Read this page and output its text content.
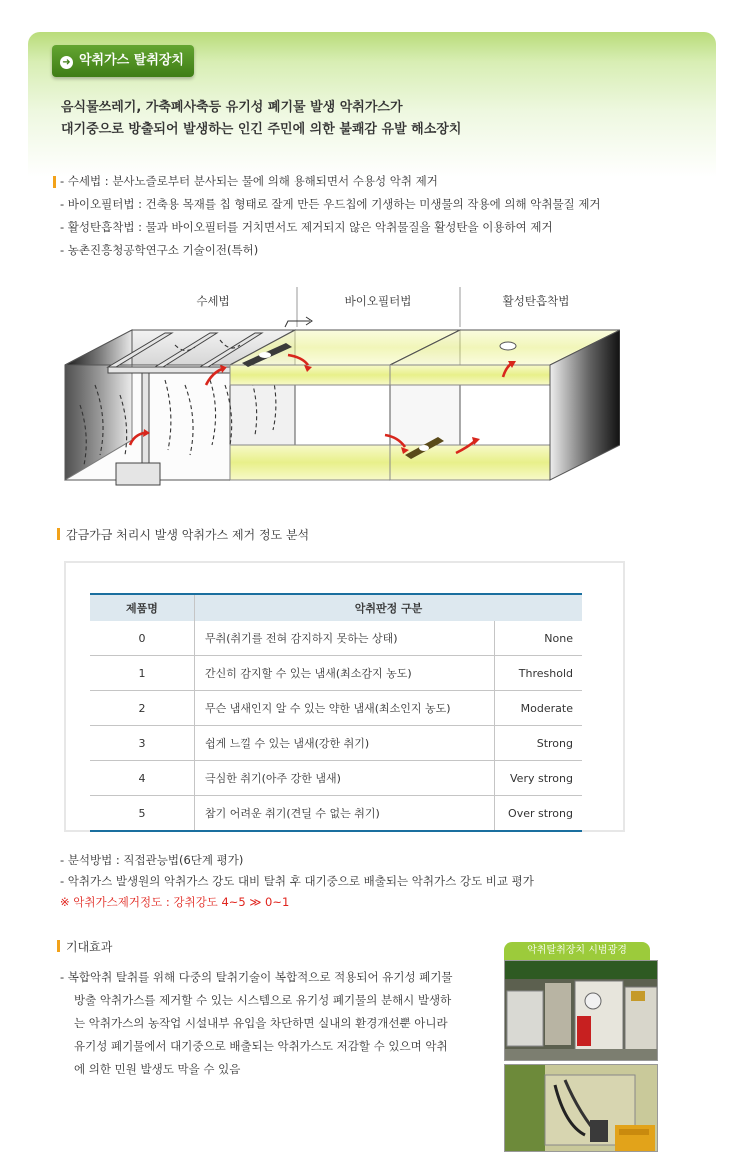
➜ 악취가스 탈취장치
음식물쓰레기, 가축폐사축등 유기성 폐기물 발생 악취가스가
대기중으로 방출되어 발생하는 인긴 주민에 의한 불쾌감 유발 해소장치
- 수세법 : 분사노즐로부터 분사되는 물에 의해 용해되면서 수용성 악취 제거
- 바이오필터법 : 건축용 목재를 칩 형태로 잘게 만든 우드칩에 기생하는 미생물의 작용에 의해 악취물질 제거
- 활성탄흡착법 : 물과 바이오필터를 거치면서도 제거되지 않은 악취물질을 활성탄을 이용하여 제거
- 농촌진흥청공학연구소 기술이전(특허)
수세법	바이오필터법	활성탄흡착법
감금가금 처리시 발생 악취가스 제거 정도 분석
제품명	악취판정 구분	
0	무취(취기를 전혀 감지하지 못하는 상태)	None
1	간신히 감지할 수 있는 냄새(최소감지 농도)	Threshold
2	무슨 냄새인지 알 수 있는 약한 냄새(최소인지 농도)	Moderate
3	쉽게 느낄 수 있는 냄새(강한 취기)	Strong
4	극심한 취기(아주 강한 냄새)	Very strong
5	참기 어려운 취기(견딜 수 없는 취기)	Over strong
- 분석방법 : 직접관능법(6단계 평가)
- 악취가스 발생원의 악취가스 강도 대비 탈취 후 대기중으로 배출되는 악취가스 강도 비교 평가
※ 악취가스제거정도 : 강취강도 4~5 ≫ 0~1
기대효과
- 복합악취 탈취를 위해 다중의 탈취기술이 복합적으로 적용되어 유기성 폐기물 방출 악취가스를 제거할 수 있는 시스템으로 유기성 폐기물의 분해시 발생하는 악취가스의 농작업 시설내부 유입을 차단하면 실내의 환경개선뿐 아니라 유기성 폐기물에서 대기중으로 배출되는 악취가스도 저감할 수 있으며 악취에 의한 민원 발생도 막을 수 있음
악취탈취장치 시범광경
